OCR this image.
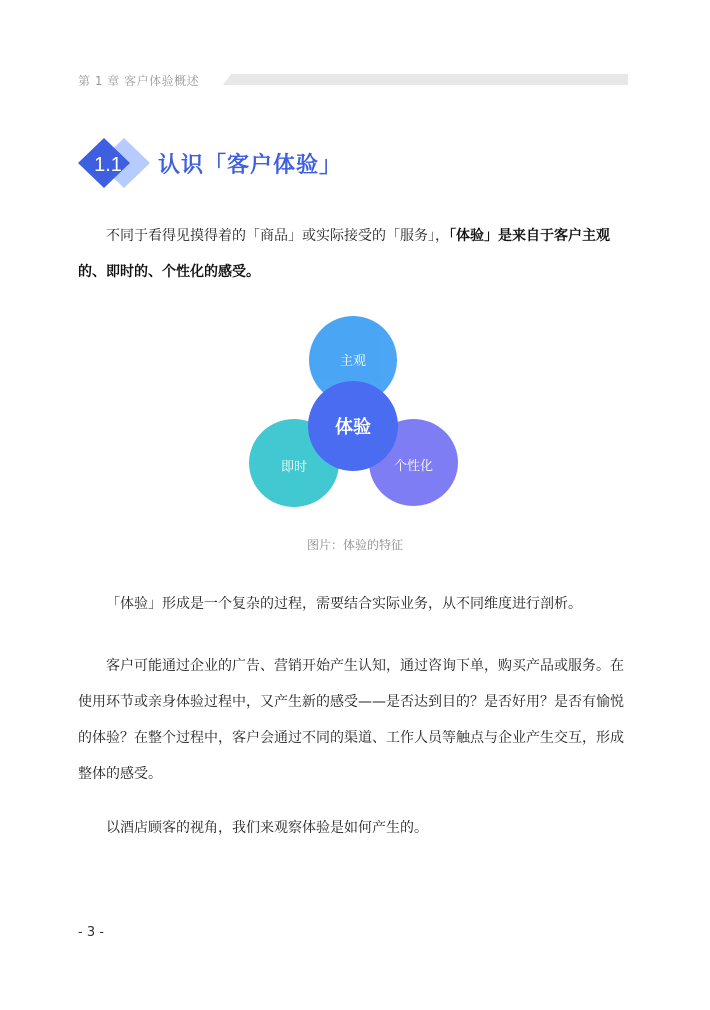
第 1 章 客户体验概述
1.1 认识「客户体验」
不同于看得见摸得着的「商品」或实际接受的「服务」，「体验」是来自于客户主观的、即时的、个性化的感受。
主观
即时	个性化
体验
图片：体验的特征
「体验」形成是一个复杂的过程，需要结合实际业务，从不同维度进行剖析。
客户可能通过企业的广告、营销开始产生认知，通过咨询下单，购买产品或服务。在使用环节或亲身体验过程中，又产生新的感受——是否达到目的？是否好用？是否有愉悦的体验？在整个过程中，客户会通过不同的渠道、工作人员等触点与企业产生交互，形成整体的感受。
以酒店顾客的视角，我们来观察体验是如何产生的。
- 3 -
